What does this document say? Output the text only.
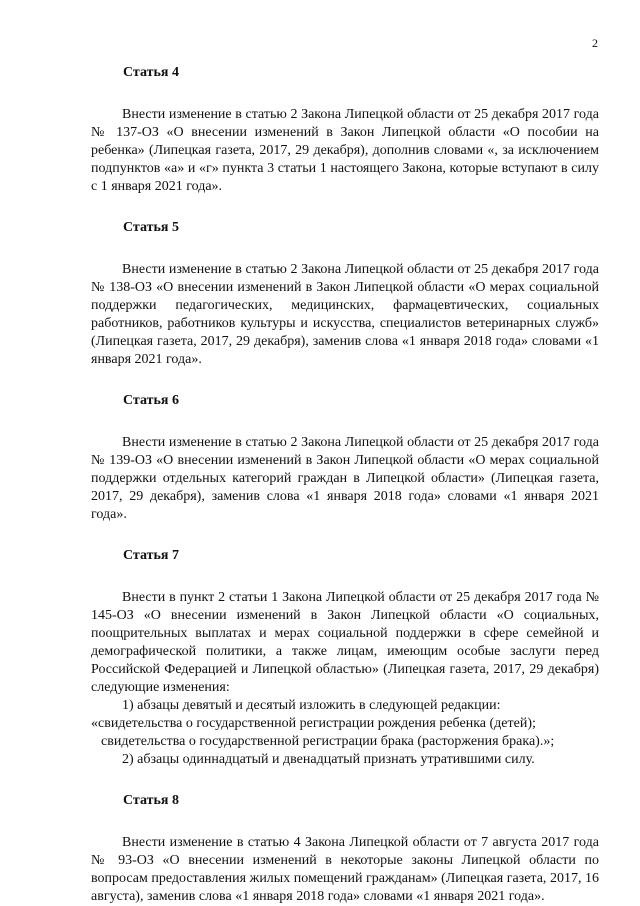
2
Статья 4

Внести изменение в статью 2 Закона Липецкой области от 25 декабря 2017 года № 137-ОЗ «О внесении изменений в Закон Липецкой области «О пособии на ребенка» (Липецкая газета, 2017, 29 декабря), дополнив словами «, за исключением подпунктов «а» и «г» пункта 3 статьи 1 настоящего Закона, которые вступают в силу с 1 января 2021 года».

Статья 5

Внести изменение в статью 2 Закона Липецкой области от 25 декабря 2017 года № 138-ОЗ «О внесении изменений в Закон Липецкой области «О мерах социальной поддержки педагогических, медицинских, фармацевтических, социальных работников, работников культуры и искусства, специалистов ветеринарных служб» (Липецкая газета, 2017, 29 декабря), заменив слова «1 января 2018 года» словами «1 января 2021 года».

Статья 6

Внести изменение в статью 2 Закона Липецкой области от 25 декабря 2017 года № 139-ОЗ «О внесении изменений в Закон Липецкой области «О мерах социальной поддержки отдельных категорий граждан в Липецкой области» (Липецкая газета, 2017, 29 декабря), заменив слова «1 января 2018 года» словами «1 января 2021 года».

Статья 7

Внести в пункт 2 статьи 1 Закона Липецкой области от 25 декабря 2017 года № 145-ОЗ «О внесении изменений в Закон Липецкой области «О социальных, поощрительных выплатах и мерах социальной поддержки в сфере семейной и демографической политики, а также лицам, имеющим особые заслуги перед Российской Федерацией и Липецкой областью» (Липецкая газета, 2017, 29 декабря) следующие изменения:

1) абзацы девятый и десятый изложить в следующей редакции:

«свидетельства о государственной регистрации рождения ребенка (детей);

свидетельства о государственной регистрации брака (расторжения брака).»;

2) абзацы одиннадцатый и двенадцатый признать утратившими силу.

Статья 8

Внести изменение в статью 4 Закона Липецкой области от 7 августа 2017 года № 93-ОЗ «О внесении изменений в некоторые законы Липецкой области по вопросам предоставления жилых помещений гражданам» (Липецкая газета, 2017, 16 августа), заменив слова «1 января 2018 года» словами «1 января 2021 года».
